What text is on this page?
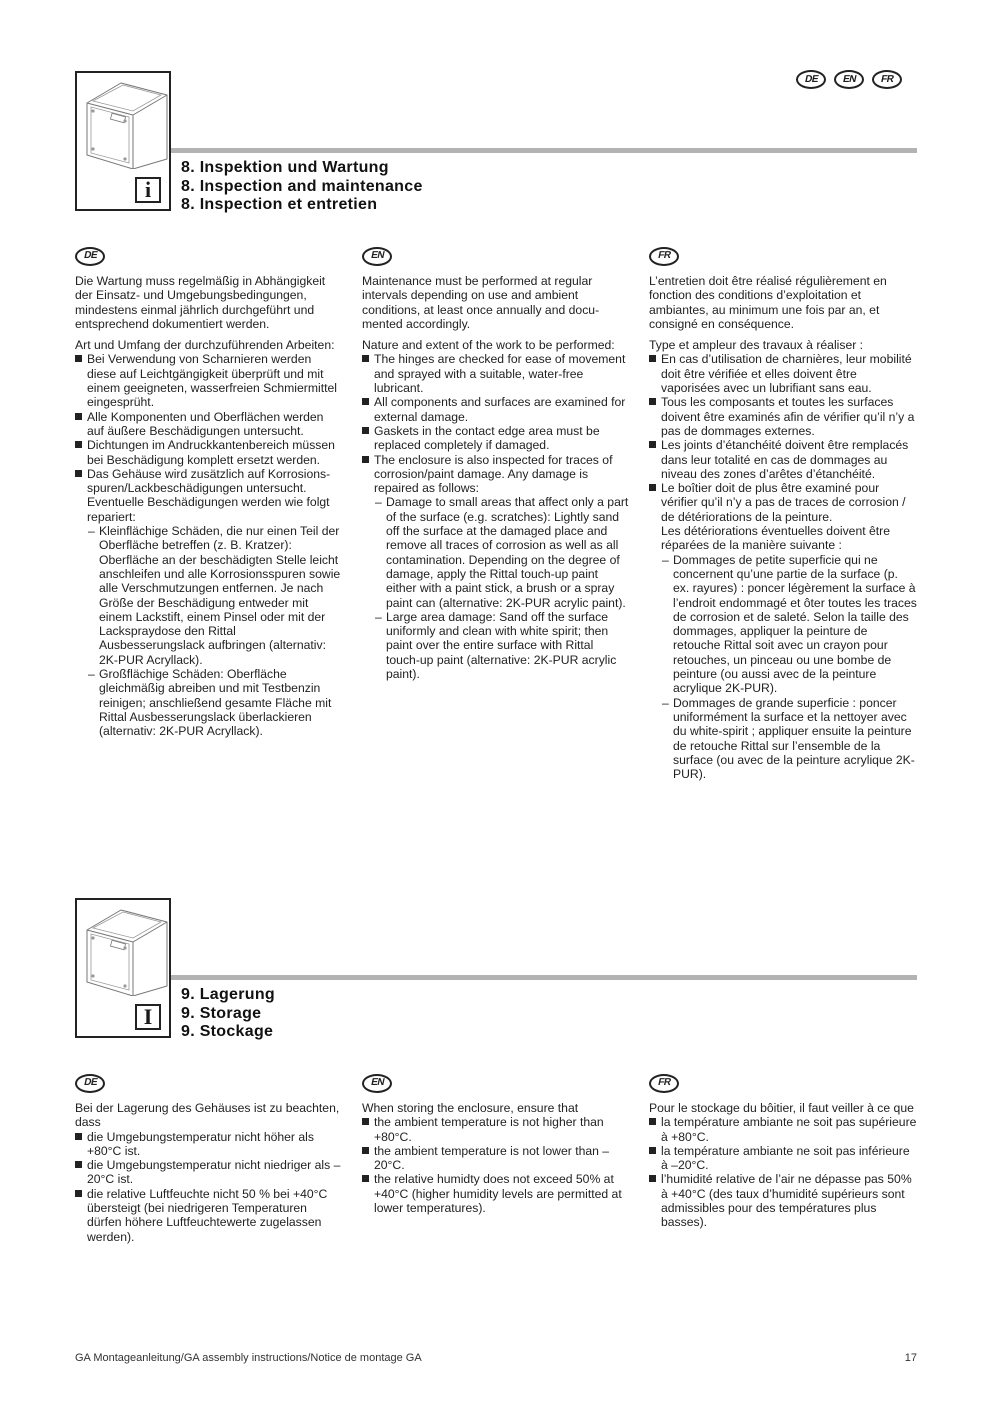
DE EN FR
i
8. Inspektion und Wartung
8. Inspection and maintenance
8. Inspection et entretien
DE

Die Wartung muss regelmäßig in Abhängigkeit der Einsatz- und Umgebungsbedingungen, mindestens einmal jährlich durchgeführt und entsprechend dokumentiert werden.

Art und Umfang der durchzuführenden Arbeiten:
Bei Verwendung von Scharnieren werden diese auf Leichtgängigkeit überprüft und mit einem geeigneten, wasserfreien Schmiermittel eingesprüht.
Alle Komponenten und Oberflächen werden auf äußere Beschädigungen untersucht.
Dichtungen im Andruckkantenbereich müssen bei Beschädigung komplett ersetzt werden.
Das Gehäuse wird zusätzlich auf Korrosionsspuren/Lackbeschädigungen untersucht.
Eventuelle Beschädigungen werden wie folgt repariert:
– Kleinflächige Schäden, die nur einen Teil der Oberfläche betreffen (z. B. Kratzer): Oberfläche an der beschädigten Stelle leicht anschleifen und alle Korrosionsspuren sowie alle Verschmutzungen entfernen. Je nach Größe der Beschädigung entweder mit einem Lackstift, einem Pinsel oder mit der Lackspraydose den Rittal Ausbesserungslack aufbringen (alternativ: 2K-PUR Acryllack).
– Großflächige Schäden: Oberfläche gleichmäßig abreiben und mit Testbenzin reinigen; anschließend gesamte Fläche mit Rittal Ausbesserungslack überlackieren (alternativ: 2K-PUR Acryllack).
EN

Maintenance must be performed at regular intervals depending on use and ambient conditions, at least once annually and documented accordingly.

Nature and extent of the work to be performed:
The hinges are checked for ease of movement and sprayed with a suitable, water-free lubricant.
All components and surfaces are examined for external damage.
Gaskets in the contact edge area must be replaced completely if damaged.
The enclosure is also inspected for traces of corrosion/paint damage. Any damage is repaired as follows:
– Damage to small areas that affect only a part of the surface (e.g. scratches): Lightly sand off the surface at the damaged place and remove all traces of corrosion as well as all contamination. Depending on the degree of damage, apply the Rittal touch-up paint either with a paint stick, a brush or a spray paint can (alternative: 2K-PUR acrylic paint).
– Large area damage: Sand off the surface uniformly and clean with white spirit; then paint over the entire surface with Rittal touch-up paint (alternative: 2K-PUR acrylic paint).
FR

L’entretien doit être réalisé régulièrement en fonction des conditions d’exploitation et ambiantes, au minimum une fois par an, et consigné en conséquence.

Type et ampleur des travaux à réaliser :
En cas d’utilisation de charnières, leur mobilité doit être vérifiée et elles doivent être vaporisées avec un lubrifiant sans eau.
Tous les composants et toutes les surfaces doivent être examinés afin de vérifier qu’il n’y a pas de dommages externes.
Les joints d’étanchéité doivent être remplacés dans leur totalité en cas de dommages au niveau des zones d’arêtes d’étanchéité.
Le boîtier doit de plus être examiné pour vérifier qu’il n’y a pas de traces de corrosion / de détériorations de la peinture.
Les détériorations éventuelles doivent être réparées de la manière suivante :
– Dommages de petite superficie qui ne concernent qu’une partie de la surface (p. ex. rayures) : poncer légèrement la surface à l’endroit endommagé et ôter toutes les traces de corrosion et de saleté. Selon la taille des dommages, appliquer la peinture de retouche Rittal soit avec un crayon pour retouches, un pinceau ou une bombe de peinture (ou aussi avec de la peinture acrylique 2K-PUR).
– Dommages de grande superficie : poncer uniformément la surface et la nettoyer avec du white-spirit ; appliquer ensuite la peinture de retouche Rittal sur l’ensemble de la surface (ou avec de la peinture acrylique 2K-PUR).
I
9. Lagerung
9. Storage
9. Stockage
DE
Bei der Lagerung des Gehäuses ist zu beachten, dass
die Umgebungstemperatur nicht höher als +80°C ist.
die Umgebungstemperatur nicht niedriger als –20°C ist.
die relative Luftfeuchte nicht 50 % bei +40°C übersteigt (bei niedrigeren Temperaturen dürfen höhere Luftfeuchtewerte zugelassen werden).
EN
When storing the enclosure, ensure that
the ambient temperature is not higher than +80°C.
the ambient temperature is not lower than –20°C.
the relative humidty does not exceed 50% at +40°C (higher humidity levels are permitted at lower temperatures).
FR
Pour le stockage du bôitier, il faut veiller à ce que
la température ambiante ne soit pas supérieure à +80°C.
la température ambiante ne soit pas inférieure à –20°C.
l’humidité relative de l’air ne dépasse pas 50% à +40°C (des taux d’humidité supérieurs sont admissibles pour des températures plus basses).
GA Montageanleitung/GA assembly instructions/Notice de montage GA	17
